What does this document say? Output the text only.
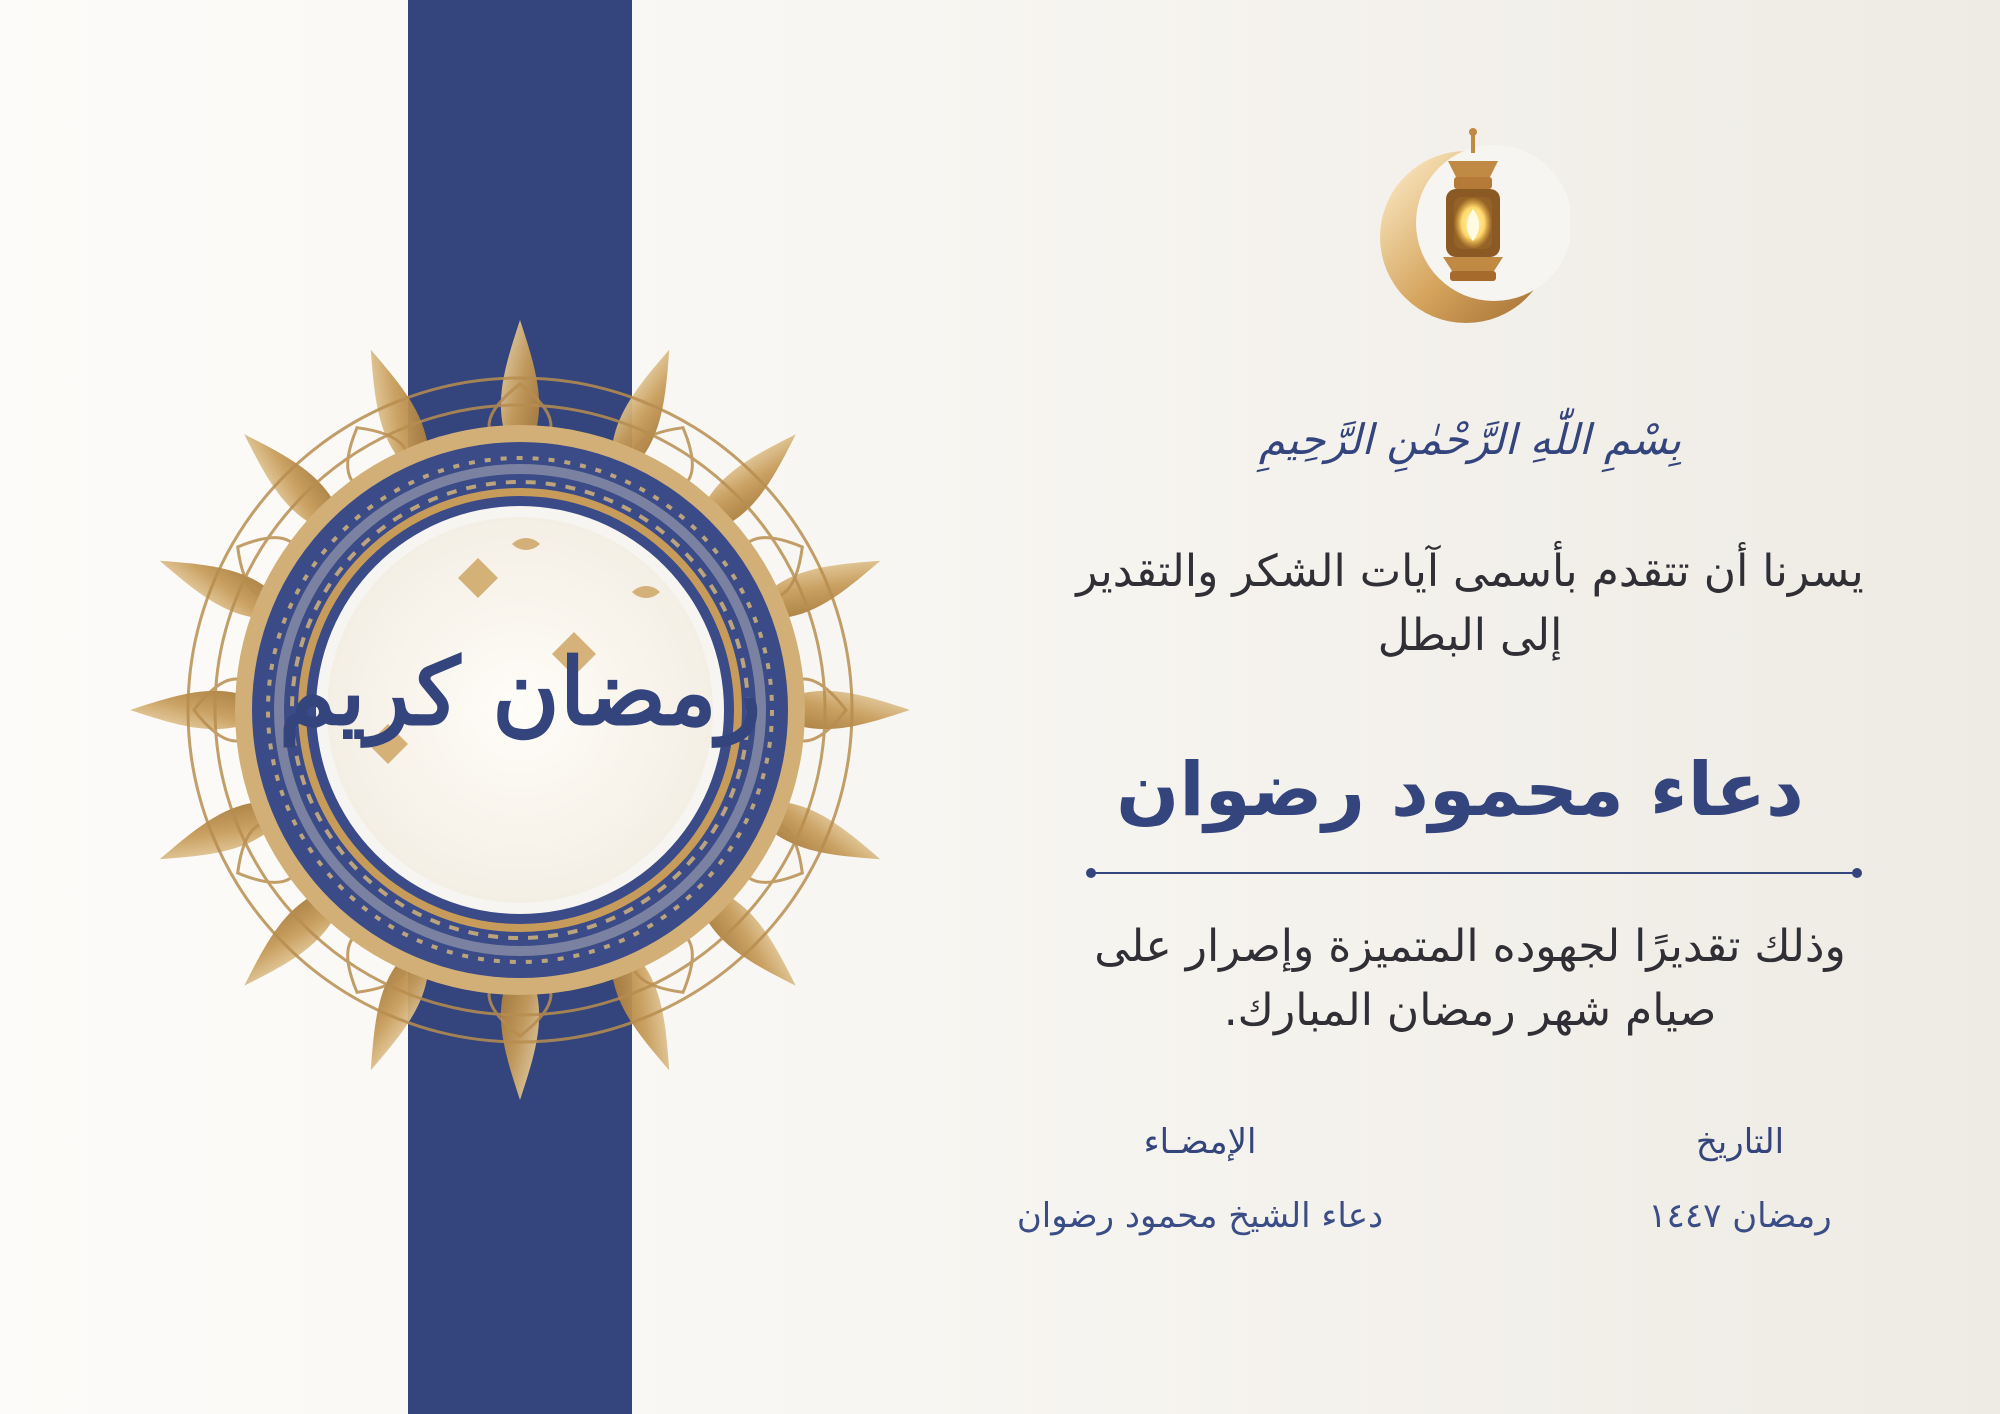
رمضان كريم
بِسْمِ اللّٰهِ الرَّحْمٰنِ الرَّحِيمِ
يسرنا أن تتقدم بأسمى آيات الشكر والتقدير
إلى البطل
دعاء محمود رضوان
وذلك تقديرًا لجهوده المتميزة وإصرار على
صيام شهر رمضان المبارك.
التاريخ
رمضان ١٤٤٧
الإمضـاء
دعاء الشيخ محمود رضوان
